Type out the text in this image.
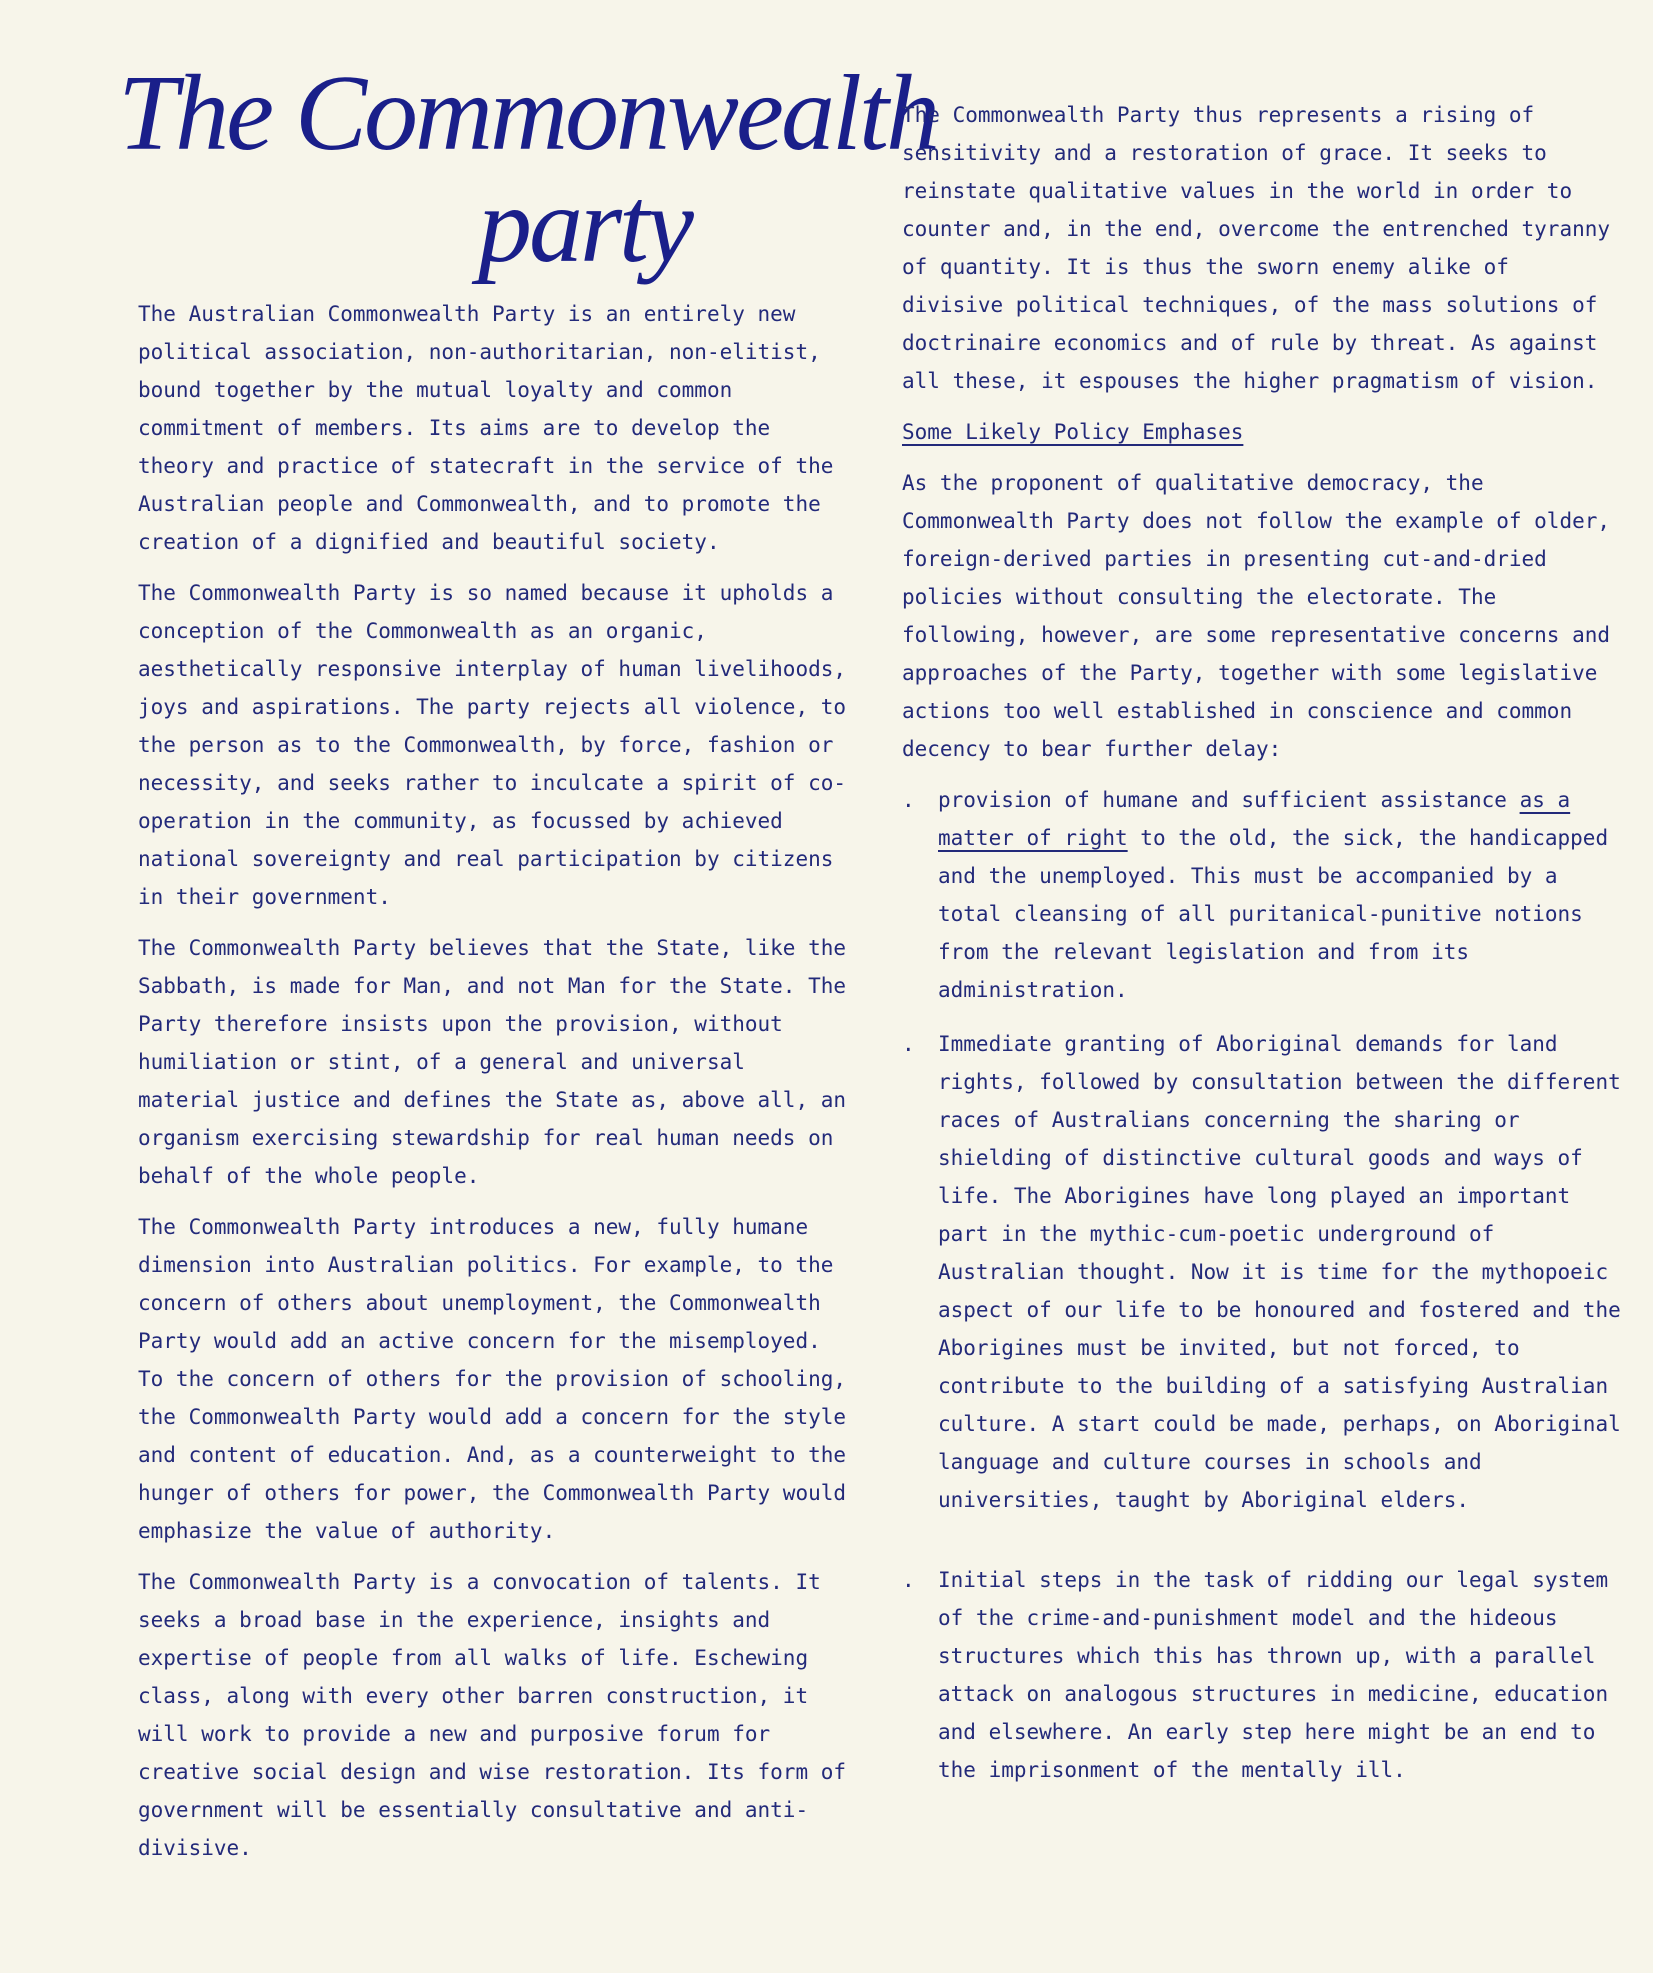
The Commonwealth
party

The Australian Commonwealth Party is an entirely new political association, non-authoritarian, non-elitist, bound together by the mutual loyalty and common commitment of members. Its aims are to develop the theory and practice of statecraft in the service of the Australian people and Commonwealth, and to promote the creation of a dignified and beautiful society.

The Commonwealth Party is so named because it upholds a conception of the Commonwealth as an organic, aesthetically responsive interplay of human livelihoods, joys and aspirations. The party rejects all violence, to the person as to the Commonwealth, by force, fashion or necessity, and seeks rather to inculcate a spirit of co-operation in the community, as focussed by achieved national sovereignty and real participation by citizens in their government.

The Commonwealth Party believes that the State, like the Sabbath, is made for Man, and not Man for the State. The Party therefore insists upon the provision, without humiliation or stint, of a general and universal material justice and defines the State as, above all, an organism exercising stewardship for real human needs on behalf of the whole people.

The Commonwealth Party introduces a new, fully humane dimension into Australian politics. For example, to the concern of others about unemployment, the Commonwealth Party would add an active concern for the misemployed. To the concern of others for the provision of schooling, the Commonwealth Party would add a concern for the style and content of education. And, as a counterweight to the hunger of others for power, the Commonwealth Party would emphasize the value of authority.

The Commonwealth Party is a convocation of talents. It seeks a broad base in the experience, insights and expertise of people from all walks of life. Eschewing class, along with every other barren construction, it will work to provide a new and purposive forum for creative social design and wise restoration. Its form of government will be essentially consultative and anti-divisive.

The Commonwealth Party thus represents a rising of sensitivity and a restoration of grace. It seeks to reinstate qualitative values in the world in order to counter and, in the end, overcome the entrenched tyranny of quantity. It is thus the sworn enemy alike of divisive political techniques, of the mass solutions of doctrinaire economics and of rule by threat. As against all these, it espouses the higher pragmatism of vision.

Some Likely Policy Emphases

As the proponent of qualitative democracy, the Commonwealth Party does not follow the example of older, foreign-derived parties in presenting cut-and-dried policies without consulting the electorate. The following, however, are some representative concerns and approaches of the Party, together with some legislative actions too well established in conscience and common decency to bear further delay:

. provision of humane and sufficient assistance as a matter of right to the old, the sick, the handicapped and the unemployed. This must be accompanied by a total cleansing of all puritanical-punitive notions from the relevant legislation and from its administration.
. Immediate granting of Aboriginal demands for land rights, followed by consultation between the different races of Australians concerning the sharing or shielding of distinctive cultural goods and ways of life. The Aborigines have long played an important part in the mythic-cum-poetic underground of Australian thought. Now it is time for the mythopoeic aspect of our life to be honoured and fostered and the Aborigines must be invited, but not forced, to contribute to the building of a satisfying Australian culture. A start could be made, perhaps, on Aboriginal language and culture courses in schools and universities, taught by Aboriginal elders.
. Initial steps in the task of ridding our legal system of the crime-and-punishment model and the hideous structures which this has thrown up, with a parallel attack on analogous structures in medicine, education and elsewhere. An early step here might be an end to the imprisonment of the mentally ill.
